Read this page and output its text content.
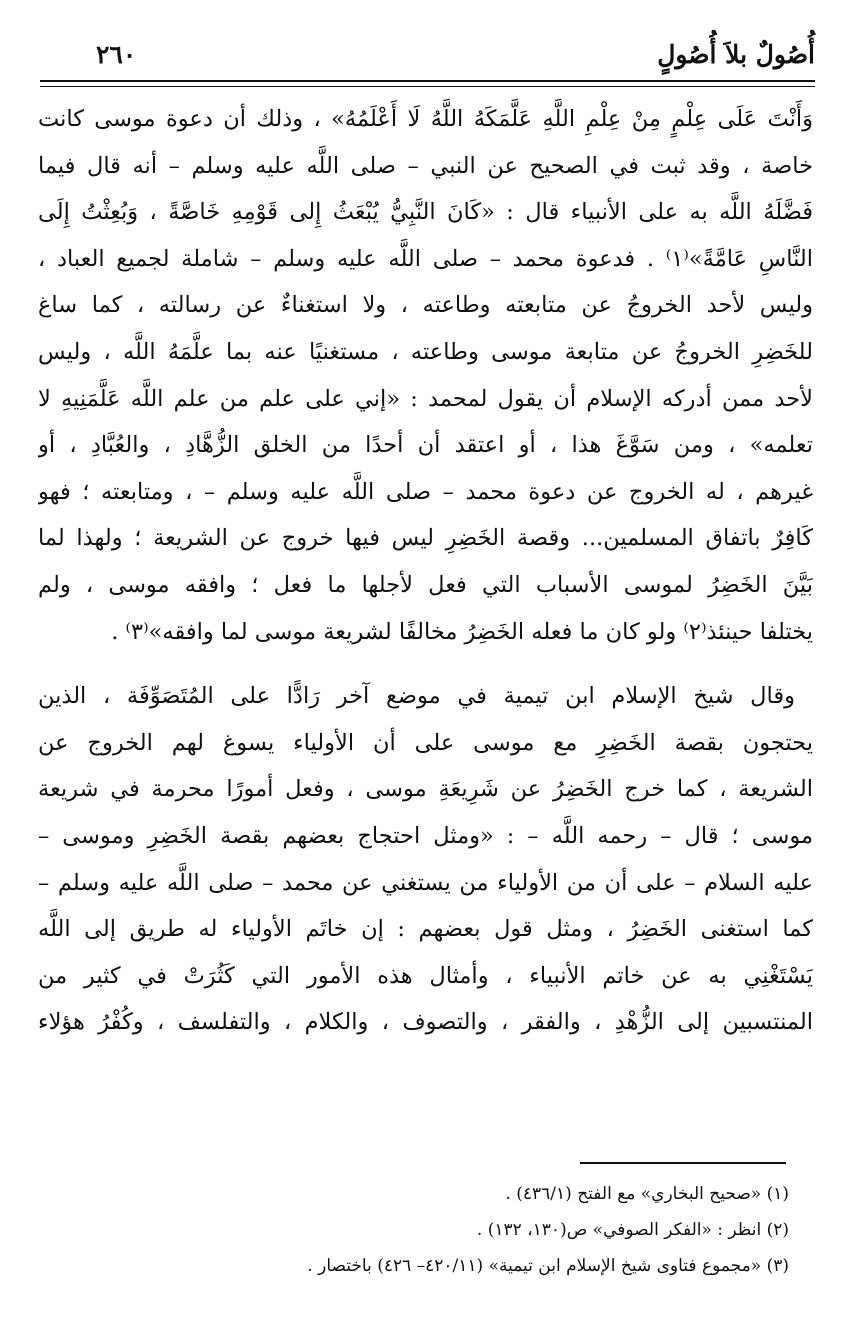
أُصُولٌ بلاَ أُصُولٍ
٢٦٠
وَأَنْتَ عَلَى عِلْمٍ مِنْ عِلْمِ اللَّهِ عَلَّمَكَهُ اللَّهُ لَا أَعْلَمُهُ» ، وذلك أن دعوة موسى كانت
خاصة ، وقد ثبت في الصحيح عن النبي – صلى اللَّه عليه وسلم – أنه قال فيما
فَضَّلَهُ اللَّه به على الأنبياء قال : «كَانَ النَّبِيُّ يُبْعَثُ إِلى قَوْمِهِ خَاصَّةً ، وَبُعِثْتُ إِلَى
النَّاسِ عَامَّةً»⁽١⁾ . فدعوة محمد – صلى اللَّه عليه وسلم – شاملة لجميع العباد ،
وليس لأحد الخروجُ عن متابعته وطاعته ، ولا استغناءٌ عن رسالته ، كما ساغ
للخَضِرِ الخروجُ عن متابعة موسى وطاعته ، مستغنيًا عنه بما علَّمَهُ اللَّه ، وليس
لأحد ممن أدركه الإسلام أن يقول لمحمد : «إني على علم من علم اللَّه عَلَّمَنِيهِ لا
تعلمه» ، ومن سَوَّغَ هذا ، أو اعتقد أن أحدًا من الخلق الزُّهَّادِ ، والعُبَّادِ ، أو
غيرهم ، له الخروج عن دعوة محمد – صلى اللَّه عليه وسلم – ، ومتابعته ؛ فهو
كَافِرٌ باتفاق المسلمين... وقصة الخَضِرِ ليس فيها خروج عن الشريعة ؛ ولهذا لما
بَيَّنَ الخَضِرُ لموسى الأسباب التي فعل لأجلها ما فعل ؛ وافقه موسى ، ولم
يختلفا حينئذ⁽٢⁾ ولو كان ما فعله الخَضِرُ مخالفًا لشريعة موسى لما وافقه»⁽٣⁾ .
وقال شيخ الإسلام ابن تيمية في موضع آخر رَادًّا على المُتَصَوِّفَة ، الذين
يحتجون بقصة الخَضِرِ مع موسى على أن الأولياء يسوغ لهم الخروج عن
الشريعة ، كما خرج الخَضِرُ عن شَرِيعَةِ موسى ، وفعل أمورًا محرمة في شريعة
موسى ؛ قال – رحمه اللَّه – : «ومثل احتجاج بعضهم بقصة الخَضِرِ وموسى –
عليه السلام – على أن من الأولياء من يستغني عن محمد – صلى اللَّه عليه وسلم –
كما استغنى الخَضِرُ ، ومثل قول بعضهم : إن خاتَم الأولياء له طريق إلى اللَّه
يَسْتَغْنِي به عن خاتم الأنبياء ، وأمثال هذه الأمور التي كَثُرَتْ في كثير من
المنتسبين إلى الزُّهْدِ ، والفقر ، والتصوف ، والكلام ، والتفلسف ، وكُفْرُ هؤلاء
(١) «صحيح البخاري» مع الفتح (٤٣٦/١) .
(٢) انظر : «الفكر الصوفي» ص(١٣٠، ١٣٢) .
(٣) «مجموع فتاوى شيخ الإسلام ابن تيمية» (٤٢٠/١١– ٤٢٦) باختصار .
